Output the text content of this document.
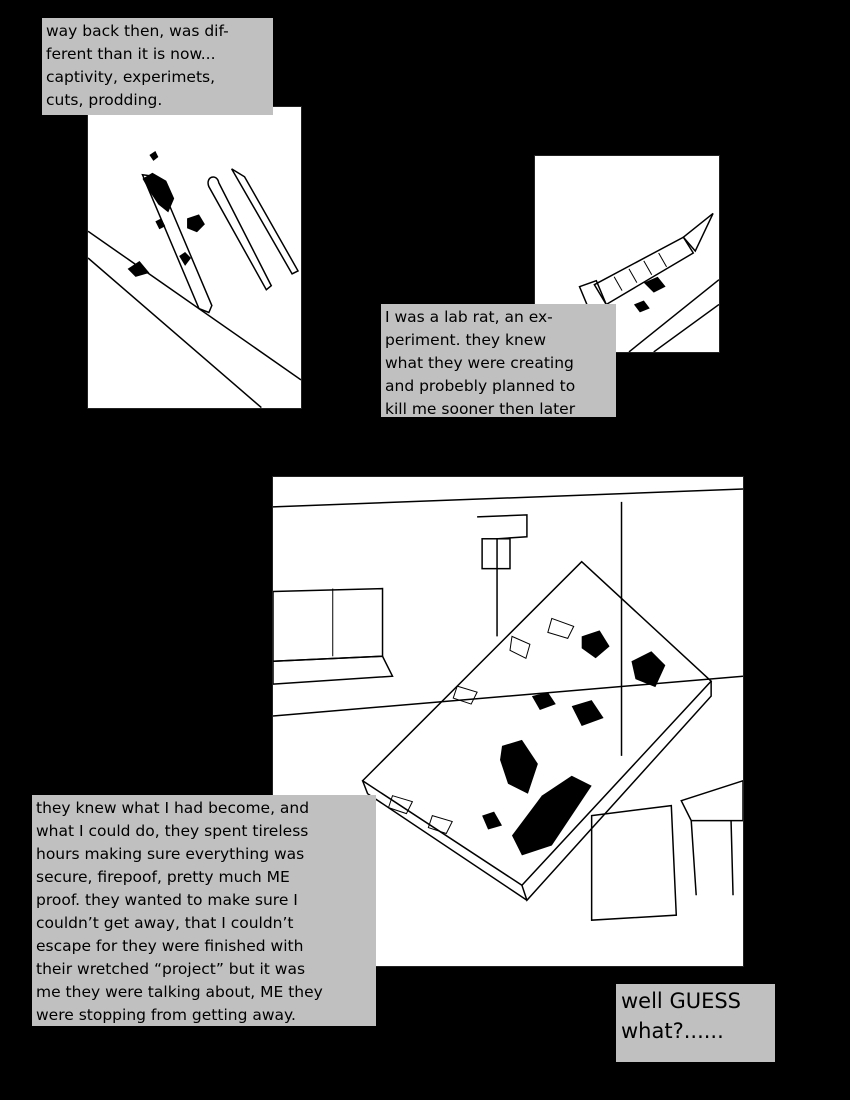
way back then, was dif-
ferent than it is now...
captivity, experimets,
cuts, prodding.
I was a lab rat, an ex-
periment. they knew
what they were creating
and probebly planned to
kill me sooner then later
they knew what I had become, and
what I could do, they spent tireless
hours making sure everything was
secure, firepoof, pretty much ME
proof. they wanted to make sure I
couldn’t get away, that I couldn’t
escape for they were finished with
their wretched “project” but it was
me they were talking about, ME they
were stopping from getting away.
well GUESS
what?......
